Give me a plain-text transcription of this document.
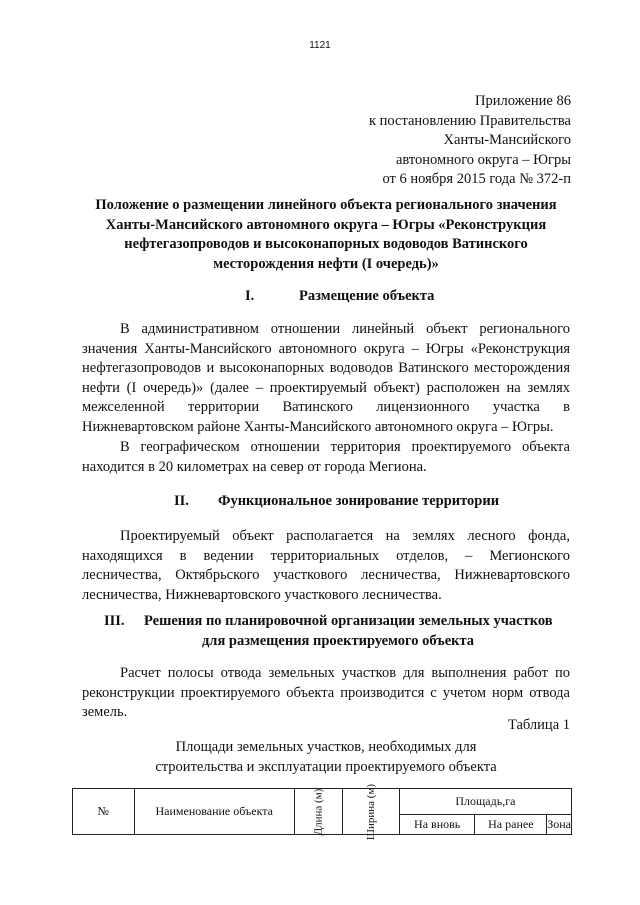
1121
Приложение 86
к постановлению Правительства
Ханты-Мансийского
автономного округа – Югры
от 6 ноября 2015 года № 372-п
Положение о размещении линейного объекта регионального значения Ханты-Мансийского автономного округа – Югры «Реконструкция нефтегазопроводов и высоконапорных водоводов Ватинского месторождения нефти (I очередь)»
I.	Размещение объекта
В административном отношении линейный объект регионального значения Ханты-Мансийского автономного округа – Югры «Реконструкция нефтегазопроводов и высоконапорных водоводов Ватинского месторождения нефти (I очередь)» (далее – проектируемый объект) расположен на землях межселенной территории Ватинского лицензионного участка в Нижневартовском районе Ханты-Мансийского автономного округа – Югры.
В географическом отношении территория проектируемого объекта находится в 20 километрах на север от города Мегиона.
II. Функциональное зонирование территории
Проектируемый объект располагается на землях лесного фонда, находящихся в ведении территориальных отделов, – Мегионского лесничества, Октябрьского участкового лесничества, Нижневартовского лесничества, Нижневартовского участкового лесничества.
III. Решения по планировочной организации земельных участков
для размещения проектируемого объекта
Расчет полосы отвода земельных участков для выполнения работ по реконструкции проектируемого объекта производится с учетом норм отвода земель.
Таблица 1
Площади земельных участков, необходимых для
строительства и эксплуатации проектируемого объекта
№	Наименование объекта	Длина (м)	Ширина (м)	Площадь,га		
				На вновь	На ранее	Зона
